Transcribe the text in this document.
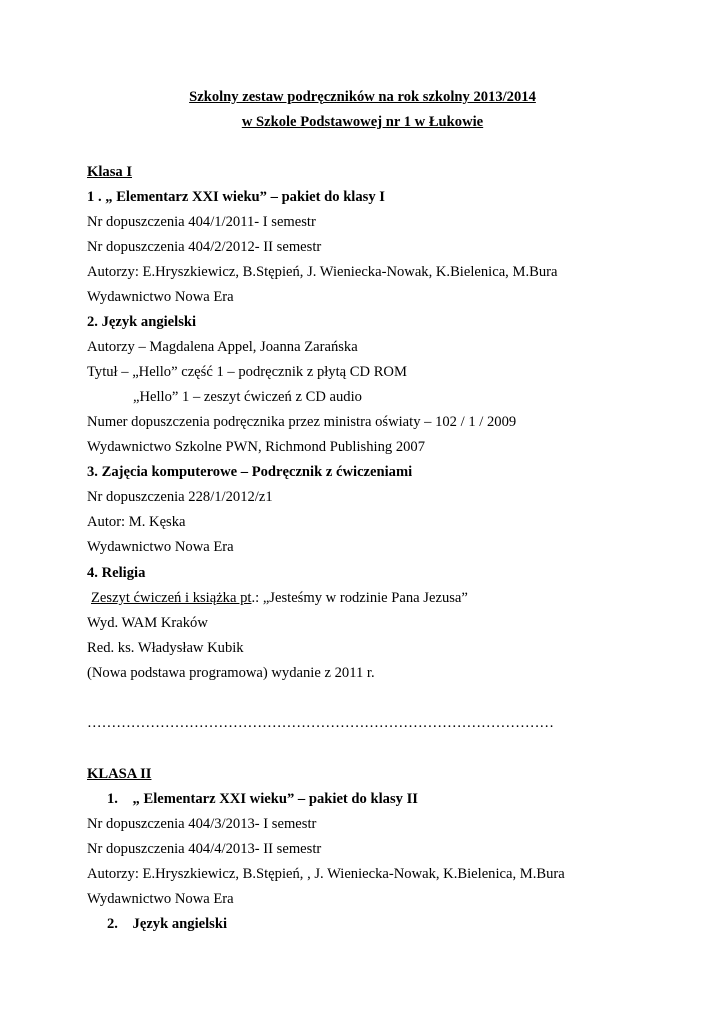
Szkolny zestaw podręczników na rok szkolny 2013/2014
w Szkole Podstawowej nr 1 w Łukowie
Klasa I
1 . „ Elementarz XXI wieku” – pakiet do klasy I
Nr dopuszczenia 404/1/2011- I semestr
Nr dopuszczenia 404/2/2012- II semestr
Autorzy: E.Hryszkiewicz, B.Stępień, J. Wieniecka-Nowak, K.Bielenica, M.Bura
Wydawnictwo Nowa Era
2. Język angielski
Autorzy – Magdalena Appel, Joanna Zarańska
Tytuł – „Hello” część 1 – podręcznik z płytą CD ROM
„Hello” 1 – zeszyt ćwiczeń z CD audio
Numer dopuszczenia podręcznika przez ministra oświaty – 102 / 1 / 2009
Wydawnictwo Szkolne PWN, Richmond Publishing 2007
3. Zajęcia komputerowe – Podręcznik z ćwiczeniami
Nr dopuszczenia 228/1/2012/z1
Autor: M. Kęska
Wydawnictwo Nowa Era
4. Religia
Zeszyt ćwiczeń i książka pt.: „Jesteśmy w rodzinie Pana Jezusa”
Wyd. WAM Kraków
Red. ks. Władysław Kubik
(Nowa podstawa programowa) wydanie z 2011 r.
……………………………………………………………………………………
KLASA II
1.    „ Elementarz XXI wieku” – pakiet do klasy II
Nr dopuszczenia 404/3/2013- I semestr
Nr dopuszczenia 404/4/2013- II semestr
Autorzy: E.Hryszkiewicz, B.Stępień, , J. Wieniecka-Nowak, K.Bielenica, M.Bura
Wydawnictwo Nowa Era
2.    Język angielski
